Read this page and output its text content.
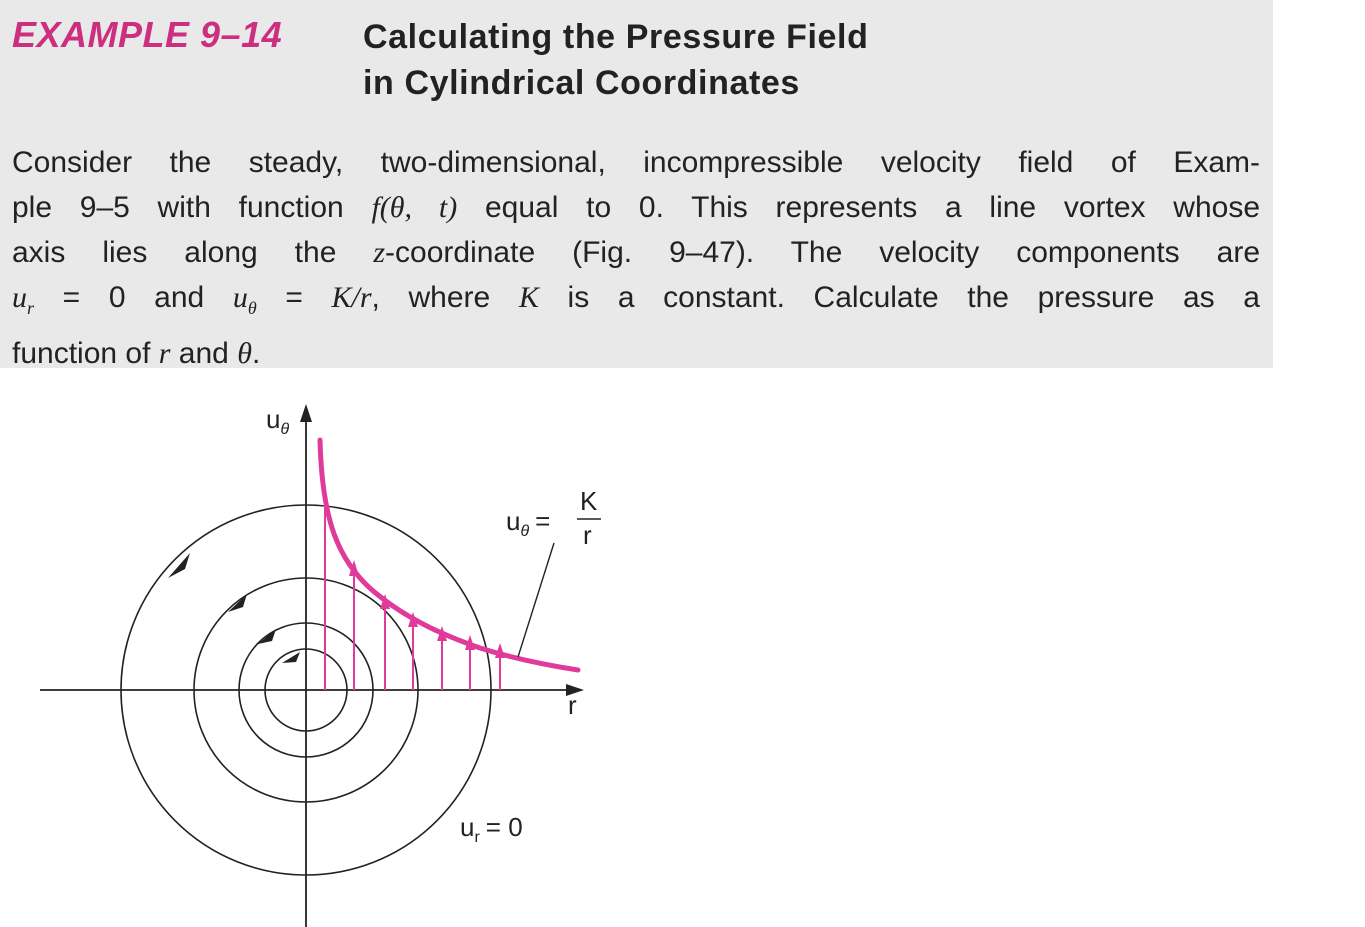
EXAMPLE 9–14 Calculating the Pressure Field
in Cylindrical Coordinates
Consider the steady, two-dimensional, incompressible velocity field of Exam-
ple 9–5 with function f(θ, t) equal to 0. This represents a line vortex whose
axis lies along the z-coordinate (Fig. 9–47). The velocity components are
$u_r = 0$ and $u_\theta = K/r$, where K is a constant. Calculate the pressure as a
function of r and θ.
$u_\theta$
r
$u_\theta$ =
K
r
$u_r = 0$
